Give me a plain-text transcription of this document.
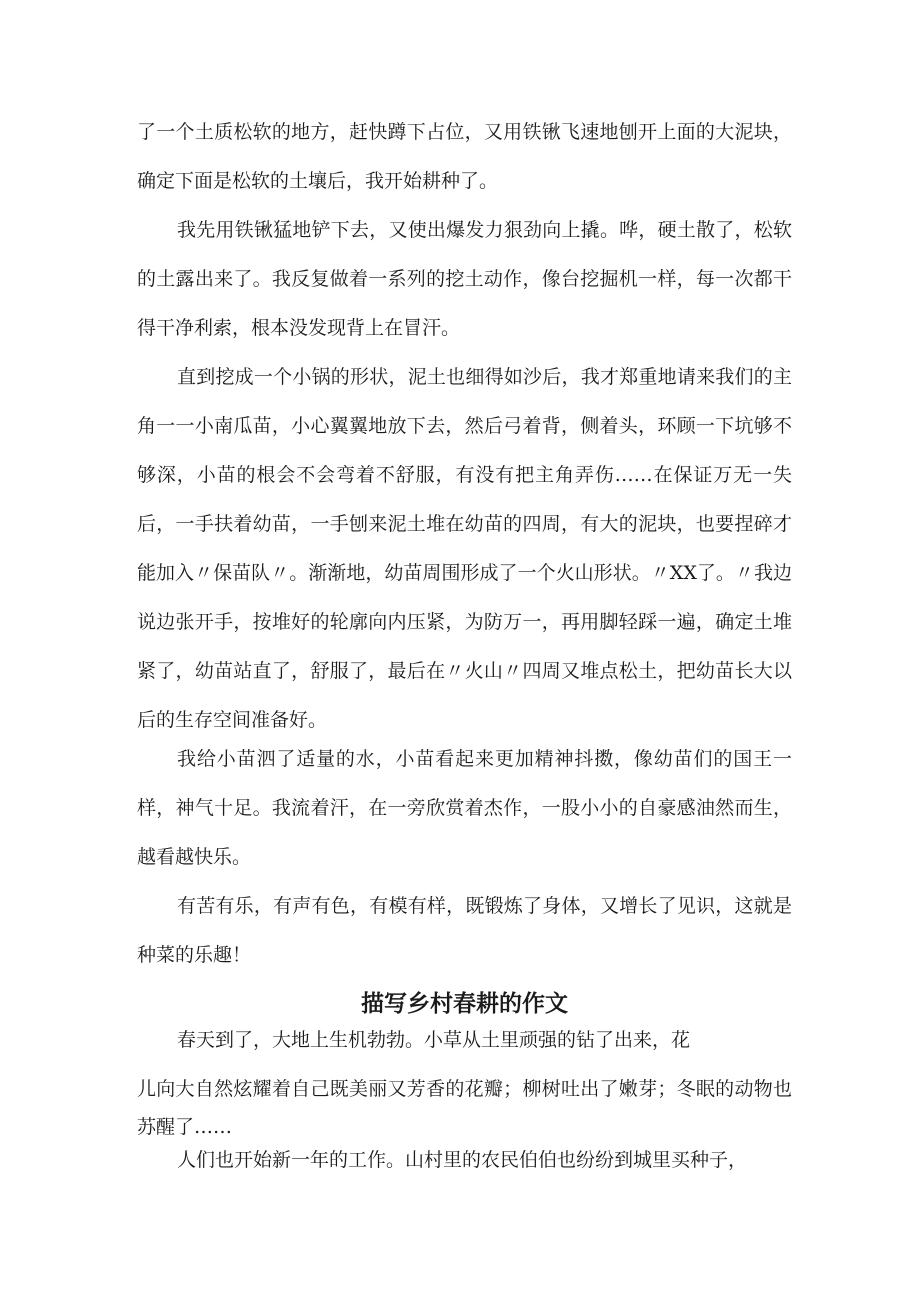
了一个土质松软的地方，赶快蹲下占位，又用铁锹飞速地刨开上面的大泥块，确定下面是松软的土壤后，我开始耕种了。

我先用铁锹猛地铲下去，又使出爆发力狠劲向上撬。哗，硬土散了，松软的土露出来了。我反复做着一系列的挖土动作，像台挖掘机一样，每一次都干得干净利索，根本没发现背上在冒汗。

直到挖成一个小锅的形状，泥土也细得如沙后，我才郑重地请来我们的主角一一小南瓜苗，小心翼翼地放下去，然后弓着背，侧着头，环顾一下坑够不够深，小苗的根会不会弯着不舒服，有没有把主角弄伤……在保证万无一失后，一手扶着幼苗，一手刨来泥土堆在幼苗的四周，有大的泥块，也要捏碎才能加入〃保苗队〃。渐渐地，幼苗周围形成了一个火山形状。〃XX了。〃我边说边张开手，按堆好的轮廓向内压紧，为防万一，再用脚轻踩一遍，确定土堆紧了，幼苗站直了，舒服了，最后在〃火山〃四周又堆点松土，把幼苗长大以后的生存空间准备好。

我给小苗泗了适量的水，小苗看起来更加精神抖擞，像幼苗们的国王一样，神气十足。我流着汗，在一旁欣赏着杰作，一股小小的自豪感油然而生，越看越快乐。

有苦有乐，有声有色，有模有样，既锻炼了身体，又增长了见识，这就是种菜的乐趣！

描写乡村春耕的作文

春天到了，大地上生机勃勃。小草从土里顽强的钻了出来，花

儿向大自然炫耀着自己既美丽又芳香的花瓣；柳树吐出了嫩芽；冬眠的动物也苏醒了……

人们也开始新一年的工作。山村里的农民伯伯也纷纷到城里买种子，
